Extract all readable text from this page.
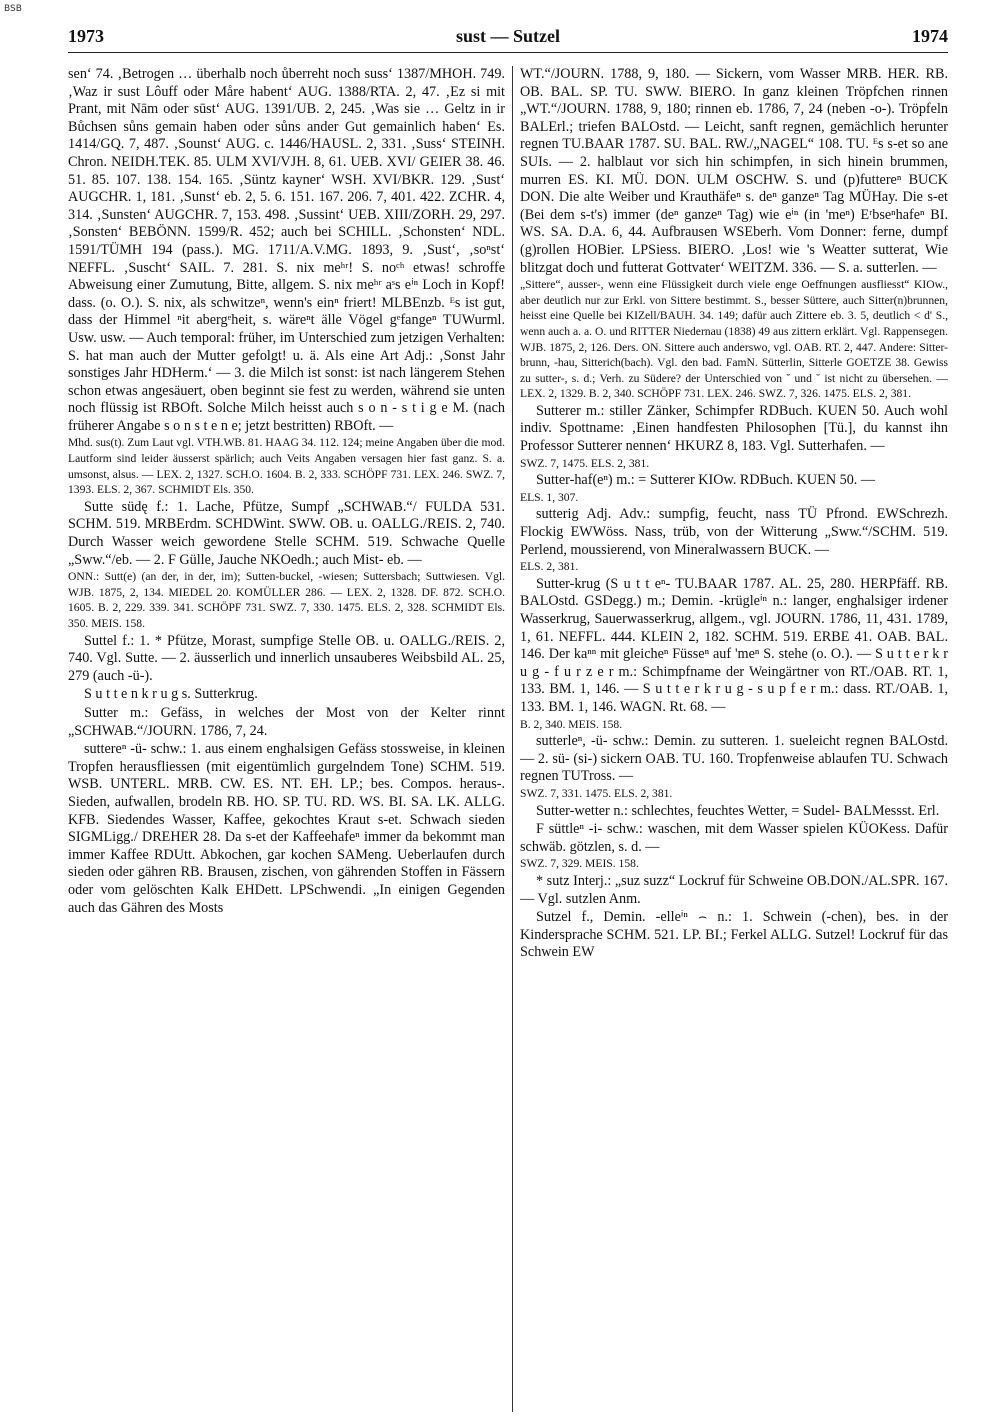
BSB
1973	sust — Sutzel	1974

sen‘ 74. ‚Betrogen … überhalb noch ůberreht noch suss‘ 1387/MHOH. 749. ‚Waz ir sust Lôuff oder Måre habent‘ AUG. 1388/RTA. 2, 47. ‚Ez si mit Prant, mit Nām oder sūst‘ AUG. 1391/UB. 2, 245. ‚Was sie … Geltz in ir Bůchsen sůns gemain haben oder sůns ander Gut gemainlich haben‘ Es. 1414/GQ. 7, 487. ‚Sounst‘ AUG. c. 1446/HAUSL. 2, 331. ‚Suss‘ STEINH. Chron. NEIDH.TEK. 85. ULM XVI/VJH. 8, 61. UEB. XVI/ GEIER 38. 46. 51. 85. 107. 138. 154. 165. ‚Süntz kayner‘ WSH. XVI/BKR. 129. ‚Sust‘ AUGCHR. 1, 181. ‚Sunst‘ eb. 2, 5. 6. 151. 167. 206. 7, 401. 422. ZCHR. 4, 314. ‚Sunsten‘ AUGCHR. 7, 153. 498. ‚Sussint‘ UEB. XIII/ZORH. 29, 297. ‚Sonsten‘ BEBÖNN. 1599/R. 452; auch bei SCHILL. ‚Schonsten‘ NDL. 1591/TÜMH 194 (pass.). MG. 1711/A.V.MG. 1893, 9. ‚Sust‘, ‚soⁿst‘ NEFFL. ‚Suscht‘ SAIL. 7. 281. S. nix meʰʳ! S. noᶜʰ etwas! schroffe Abweisung einer Zumutung, Bitte, allgem. S. nix meʰʳ aˢs eⁱⁿ Loch in Kopf! dass. (o. O.). S. nix, als schwitzeⁿ, wenn's einⁿ friert! MLBEnzb. ᴱs ist gut, dass der Himmel ⁿit abergᵉheit, s. wäreⁿt älle Vögel gᵉfangeⁿ TUWurml. Usw. usw. — Auch temporal: früher, im Unterschied zum jetzigen Verhalten: S. hat man auch der Mutter gefolgt! u. ä. Als eine Art Adj.: ‚Sonst Jahr sonstiges Jahr HDHerm.‘ — 3. die Milch ist sonst: ist nach längerem Stehen schon etwas angesäuert, oben beginnt sie fest zu werden, während sie unten noch flüssig ist RBOft. Solche Milch heisst auch s o n - s t i g e M. (nach früherer Angabe s o n s t e n e; jetzt bestritten) RBOft. —

Mhd. sus(t). Zum Laut vgl. VTH.WB. 81. HAAG 34. 112. 124; meine Angaben über die mod. Lautform sind leider äusserst spärlich; auch Veits Angaben versagen hier fast ganz. S. a. umsonst, alsus. — LEX. 2, 1327. SCH.O. 1604. B. 2, 333. SCHÖPF 731. LEX. 246. SWZ. 7, 1393. ELS. 2, 367. SCHMIDT Els. 350.

Sutte südę f.: 1. Lache, Pfütze, Sumpf „SCHWAB.“/ FULDA 531. SCHM. 519. MRBErdm. SCHDWint. SWW. OB. u. OALLG./REIS. 2, 740. Durch Wasser weich gewordene Stelle SCHM. 519. Schwache Quelle „Sww.“/eb. — 2. F Gülle, Jauche NKOedh.; auch Mist- eb. —

ONN.: Sutt(e) (an der, in der, im); Sutten-buckel, -wiesen; Suttersbach; Suttwiesen. Vgl. WJB. 1875, 2, 134. MIEDEL 20. KOMÜLLER 286. — LEX. 2, 1328. DF. 872. SCH.O. 1605. B. 2, 229. 339. 341. SCHÖPF 731. SWZ. 7, 330. 1475. ELS. 2, 328. SCHMIDT Els. 350. MEIS. 158.

Suttel f.: 1. * Pfütze, Morast, sumpfige Stelle OB. u. OALLG./REIS. 2, 740. Vgl. Sutte. — 2. äusserlich und innerlich unsauberes Weibsbild AL. 25, 279 (auch -ü-).

S u t t e n k r u g s. Sutterkrug.

Sutter m.: Gefäss, in welches der Most von der Kelter rinnt „SCHWAB.“/JOURN. 1786, 7, 24.

suttereⁿ -ü- schw.: 1. aus einem enghalsigen Gefäss stossweise, in kleinen Tropfen herausfliessen (mit eigentümlich gurgelndem Tone) SCHM. 519. WSB. UNTERL. MRB. CW. ES. NT. EH. LP.; bes. Compos. heraus-. Sieden, aufwallen, brodeln RB. HO. SP. TU. RD. WS. BI. SA. LK. ALLG. KFB. Siedendes Wasser, Kaffee, gekochtes Kraut s-et. Schwach sieden SIGMLigg./ DREHER 28. Da s-et der Kaffeehafeⁿ immer da bekommt man immer Kaffee RDUtt. Abkochen, gar kochen SAMeng. Ueberlaufen durch sieden oder gähren RB. Brausen, zischen, von gährenden Stoffen in Fässern oder vom gelöschten Kalk EHDett. LPSchwendi. „In einigen Gegenden auch das Gähren des Mosts

WT.“/JOURN. 1788, 9, 180. — Sickern, vom Wasser MRB. HER. RB. OB. BAL. SP. TU. SWW. BIERO. In ganz kleinen Tröpfchen rinnen „WT.“/JOURN. 1788, 9, 180; rinnen eb. 1786, 7, 24 (neben -o-). Tröpfeln BALErl.; triefen BALOstd. — Leicht, sanft regnen, gemächlich herunter regnen TU.BAAR 1787. SU. BAL. RW./„NAGEL“ 108. TU. ᴱs s-et so ane SUIs. — 2. halblaut vor sich hin schimpfen, in sich hinein brummen, murren ES. KI. MÜ. DON. ULM OSCHW. S. und (p)futtereⁿ BUCK DON. Die alte Weiber und Krauthäfeⁿ s. deⁿ ganzeⁿ Tag MÜHay. Die s-et (Bei dem s-t's) immer (deⁿ ganzeⁿ Tag) wie eⁱⁿ (in 'meⁿ) Eʳbseⁿhafeⁿ BI. WS. SA. D.A. 6, 44. Aufbrausen WSEberh. Vom Donner: ferne, dumpf (g)rollen HOBier. LPSiess. BIERO. ‚Los! wie 's Weatter sutterat, Wie blitzgat doch und futterat Gottvater‘ WEITZM. 336. — S. a. sutterlen. —

„Sittere“, ausser-, wenn eine Flüssigkeit durch viele enge Oeffnungen ausfliesst“ KIOw., aber deutlich nur zur Erkl. von Sittere bestimmt. S., besser Süttere, auch Sitter(n)brunnen, heisst eine Quelle bei KIZell/BAUH. 34. 149; dafür auch Zittere eb. 3. 5, deutlich < d' S., wenn auch a. a. O. und RITTER Niedernau (1838) 49 aus zittern erklärt. Vgl. Rappensegen. WJB. 1875, 2, 126. Ders. ON. Sittere auch anderswo, vgl. OAB. RT. 2, 447. Andere: Sitter-brunn, -hau, Sitterich(bach). Vgl. den bad. FamN. Sütterlin, Sitterle GOETZE 38. Gewiss zu sutter-, s. d.; Verh. zu Südere? der Unterschied von ˘ und ˘ ist nicht zu übersehen. — LEX. 2, 1329. B. 2, 340. SCHÖPF 731. LEX. 246. SWZ. 7, 326. 1475. ELS. 2, 381.

Sutterer m.: stiller Zänker, Schimpfer RDBuch. KUEN 50. Auch wohl indiv. Spottname: ‚Einen handfesten Philosophen [Tü.], du kannst ihn Professor Sutterer nennen‘ HKURZ 8, 183. Vgl. Sutterhafen. —

SWZ. 7, 1475. ELS. 2, 381.

Sutter-haf(eⁿ) m.: = Sutterer KIOw. RDBuch. KUEN 50. —

ELS. 1, 307.

sutterig Adj. Adv.: sumpfig, feucht, nass TÜ Pfrond. EWSchrezh. Flockig EWWöss. Nass, trüb, von der Witterung „Sww.“/SCHM. 519. Perlend, moussierend, von Mineralwassern BUCK. —

ELS. 2, 381.

Sutter-krug (S u t t eⁿ- TU.BAAR 1787. AL. 25, 280. HERPfäff. RB. BALOstd. GSDegg.) m.; Demin. -krügleⁱⁿ n.: langer, enghalsiger irdener Wasserkrug, Sauerwasserkrug, allgem., vgl. JOURN. 1786, 11, 431. 1789, 1, 61. NEFFL. 444. KLEIN 2, 182. SCHM. 519. ERBE 41. OAB. BAL. 146. Der kaⁿⁿ mit gleicheⁿ Füsseⁿ auf 'meⁿ S. stehe (o. O.). — S u t t e r k r u g - f u r z e r m.: Schimpfname der Weingärtner von RT./OAB. RT. 1, 133. BM. 1, 146. — S u t t e r k r u g - s u p f e r m.: dass. RT./OAB. 1, 133. BM. 1, 146. WAGN. Rt. 68. —

B. 2, 340. MEIS. 158.

sutterleⁿ, -ü- schw.: Demin. zu sutteren. 1. sueleicht regnen BALOstd. — 2. sü- (si-) sickern OAB. TU. 160. Tropfenweise ablaufen TU. Schwach regnen TUTross. —

SWZ. 7, 331. 1475. ELS. 2, 381.

Sutter-wetter n.: schlechtes, feuchtes Wetter, = Sudel- BALMessst. Erl.

F süttleⁿ -i- schw.: waschen, mit dem Wasser spielen KÜOKess. Dafür schwäb. götzlen, s. d. —

SWZ. 7, 329. MEIS. 158.

* sutz Interj.: „suz suzz“ Lockruf für Schweine OB.DON./AL.SPR. 167. — Vgl. sutzlen Anm.

Sutzel f., Demin. -elleⁱⁿ ⌢ n.: 1. Schwein (-chen), bes. in der Kindersprache SCHM. 521. LP. BI.; Ferkel ALLG. Sutzel! Lockruf für das Schwein EW
